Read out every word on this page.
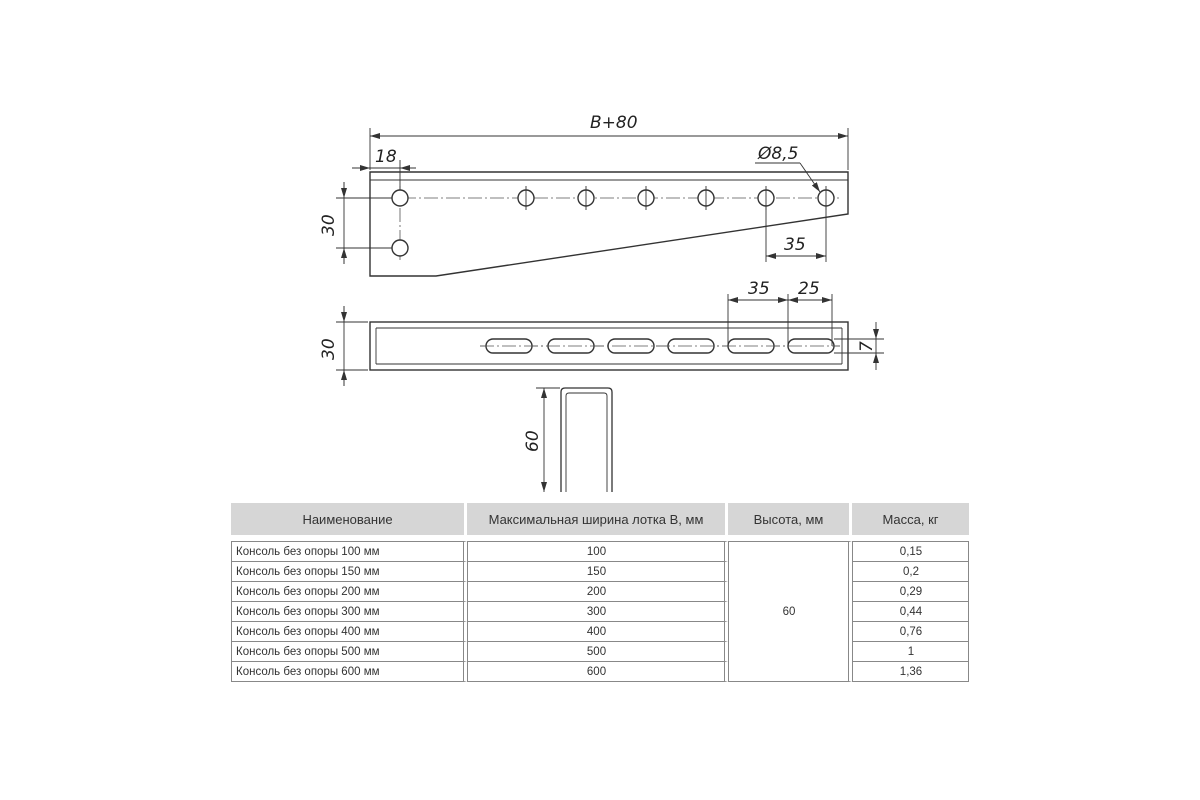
B+80
18	Ø8,5
35
30
35 25
7
30
60
Наименование	Максимальная ширина лотка В, мм	Высота, мм	Масса, кг

Консоль без опоры 100 мм	100	60	0,15
Консоль без опоры 150 мм	150		0,2
Консоль без опоры 200 мм	200		0,29
Консоль без опоры 300 мм	300		0,44
Консоль без опоры 400 мм	400		0,76
Консоль без опоры 500 мм	500		1
Консоль без опоры 600 мм	600		1,36
